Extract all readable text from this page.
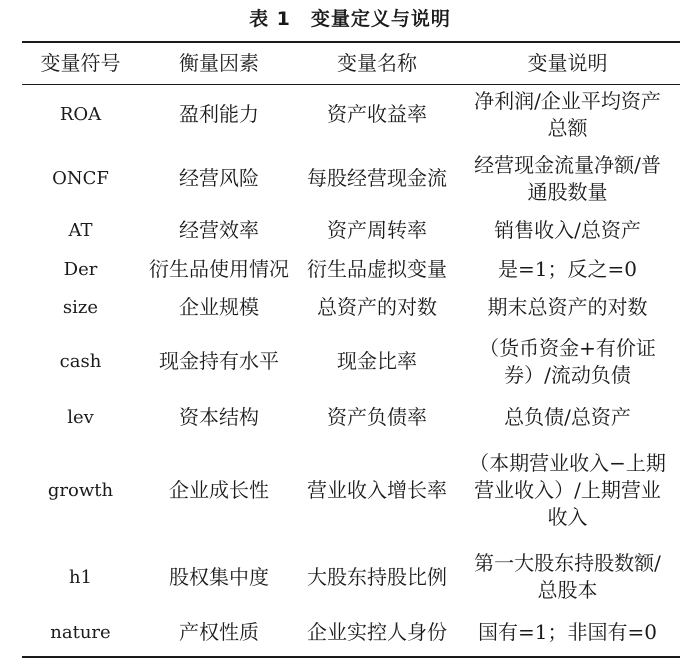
表 1 变量定义与说明
变量符号	衡量因素	变量名称	变量说明
ROA	盈利能力	资产收益率	净利润/企业平均资产总额
ONCF	经营风险	每股经营现金流	经营现金流量净额/普通股数量
AT	经营效率	资产周转率	销售收入/总资产
Der	衍生品使用情况	衍生品虚拟变量	是=1；反之=0
size	企业规模	总资产的对数	期末总资产的对数
cash	现金持有水平	现金比率	（货币资金+有价证券）/流动负债
lev	资本结构	资产负债率	总负债/总资产
growth	企业成长性	营业收入增长率	（本期营业收入−上期营业收入）/上期营业收入
h1	股权集中度	大股东持股比例	第一大股东持股数额/总股本
nature	产权性质	企业实控人身份	国有=1；非国有=0
